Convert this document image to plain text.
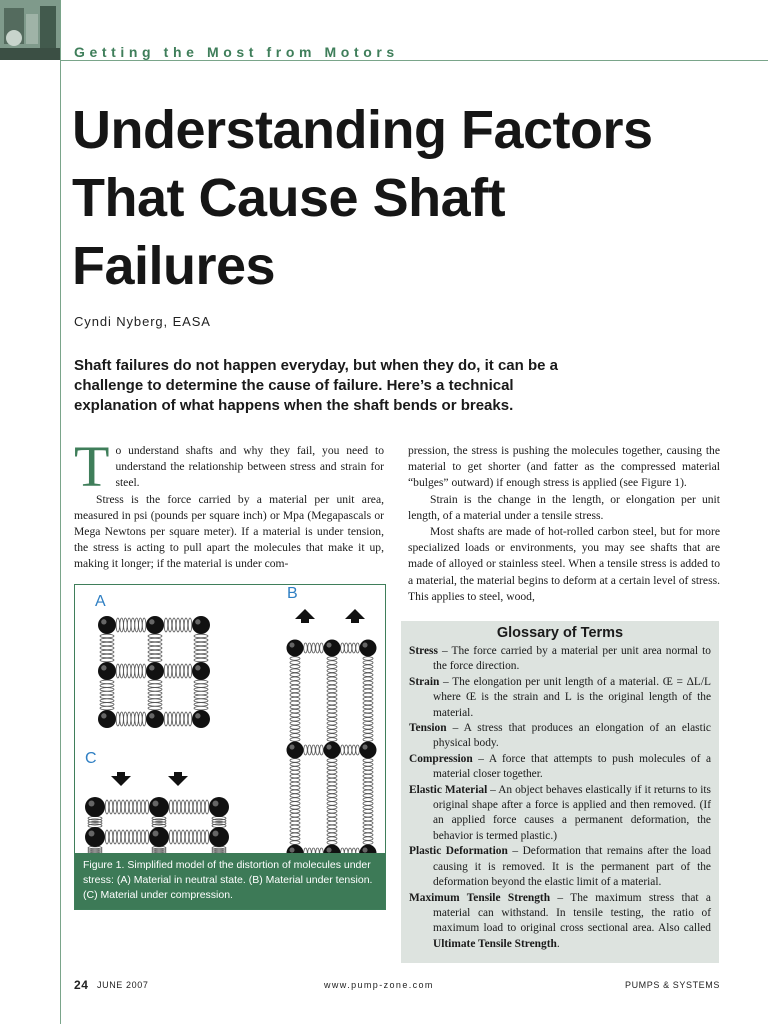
Getting the Most from Motors
Understanding Factors That Cause Shaft Failures
Cyndi Nyberg, EASA

Shaft failures do not happen everyday, but when they do, it can be a challenge to determine the cause of failure. Here’s a technical explanation of what happens when the shaft bends or breaks.

To understand shafts and why they fail, you need to understand the relationship between stress and strain for steel.

Stress is the force carried by a material per unit area, measured in psi (pounds per square inch) or Mpa (Megapascals or Mega Newtons per square meter). If a material is under tension, the stress is acting to pull apart the molecules that make it up, making it longer; if the material is under com-

pression, the stress is pushing the molecules together, causing the material to get shorter (and fatter as the compressed material “bulges” outward) if enough stress is applied (see Figure 1).

Strain is the change in the length, or elongation per unit length, of a material under a tensile stress.

Most shafts are made of hot-rolled carbon steel, but for more specialized loads or environments, you may see shafts that are made of alloyed or stainless steel. When a tensile stress is added to a material, the material begins to deform at a certain level of stress. This applies to steel, wood,

A	B
C
Figure 1. Simplified model of the distortion of molecules under stress: (A) Material in neutral state. (B) Material under tension. (C) Material under compression.
Glossary of Terms

Stress – The force carried by a material per unit area normal to the force direction.

Strain – The elongation per unit length of a material. Œ = ΔL/L where Œ is the strain and L is the original length of the material.

Tension – A stress that produces an elongation of an elastic physical body.

Compression – A force that attempts to push molecules of a material closer together.

Elastic Material – An object behaves elastically if it returns to its original shape after a force is applied and then removed. (If an applied force causes a permanent deformation, the behavior is termed plastic.)

Plastic Deformation – Deformation that remains after the load causing it is removed. It is the permanent part of the deformation beyond the elastic limit of a material.

Maximum Tensile Strength – The maximum stress that a material can withstand. In tensile testing, the ratio of maximum load to original cross sectional area. Also called Ultimate Tensile Strength.

24 JUNE 2007	www.pump-zone.com	PUMPS & SYSTEMS
